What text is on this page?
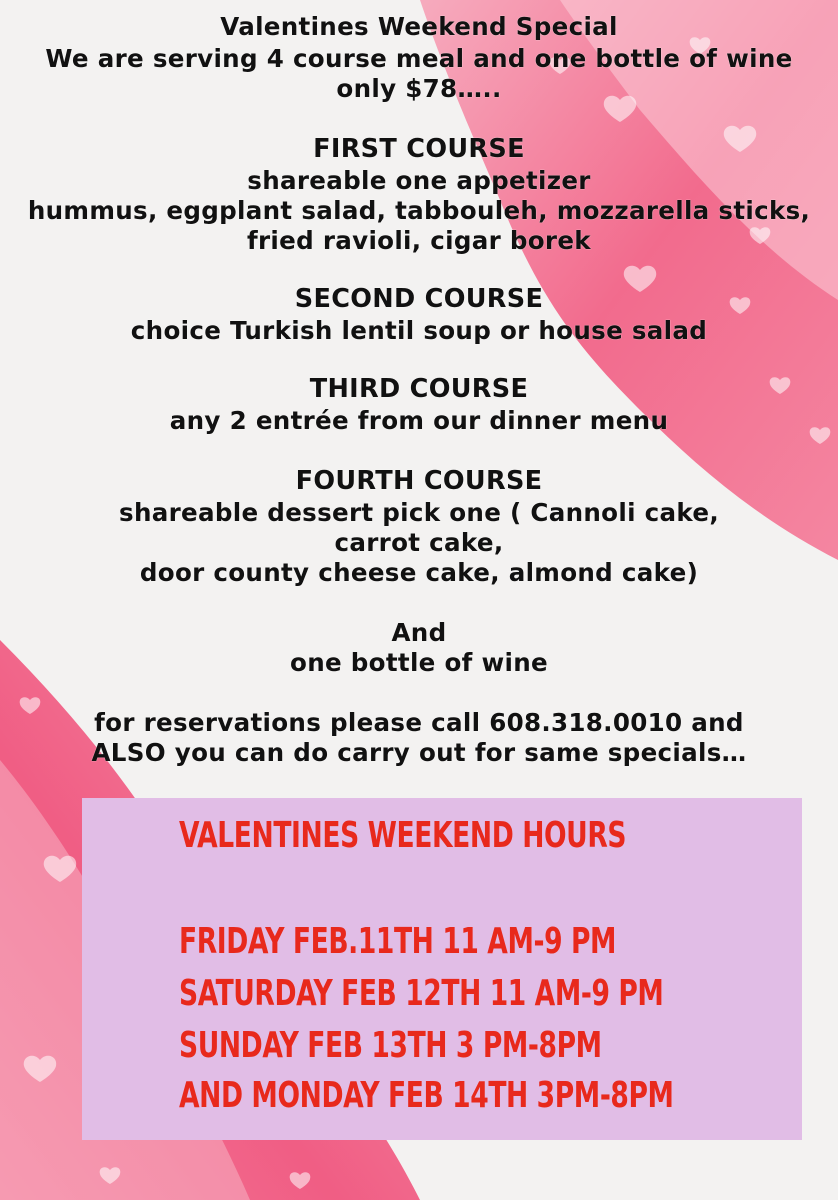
Valentines Weekend Special
We are serving 4 course meal and one bottle of wine
only $78…..
FIRST COURSE
shareable one appetizer
hummus, eggplant salad, tabbouleh, mozzarella sticks,
fried ravioli, cigar borek
SECOND COURSE
choice Turkish lentil soup or house salad
THIRD COURSE
any 2 entrée from our dinner menu
FOURTH COURSE
shareable dessert pick one ( Cannoli cake,
carrot cake,
door county cheese cake, almond cake)
And
one bottle of wine
for reservations please call 608.318.0010 and
ALSO you can do carry out for same specials…
VALENTINES WEEKEND HOURS
FRIDAY FEB.11TH 11 AM-9 PM
SATURDAY FEB 12TH 11 AM-9 PM
SUNDAY FEB 13TH 3 PM-8PM
AND MONDAY FEB 14TH 3PM-8PM
